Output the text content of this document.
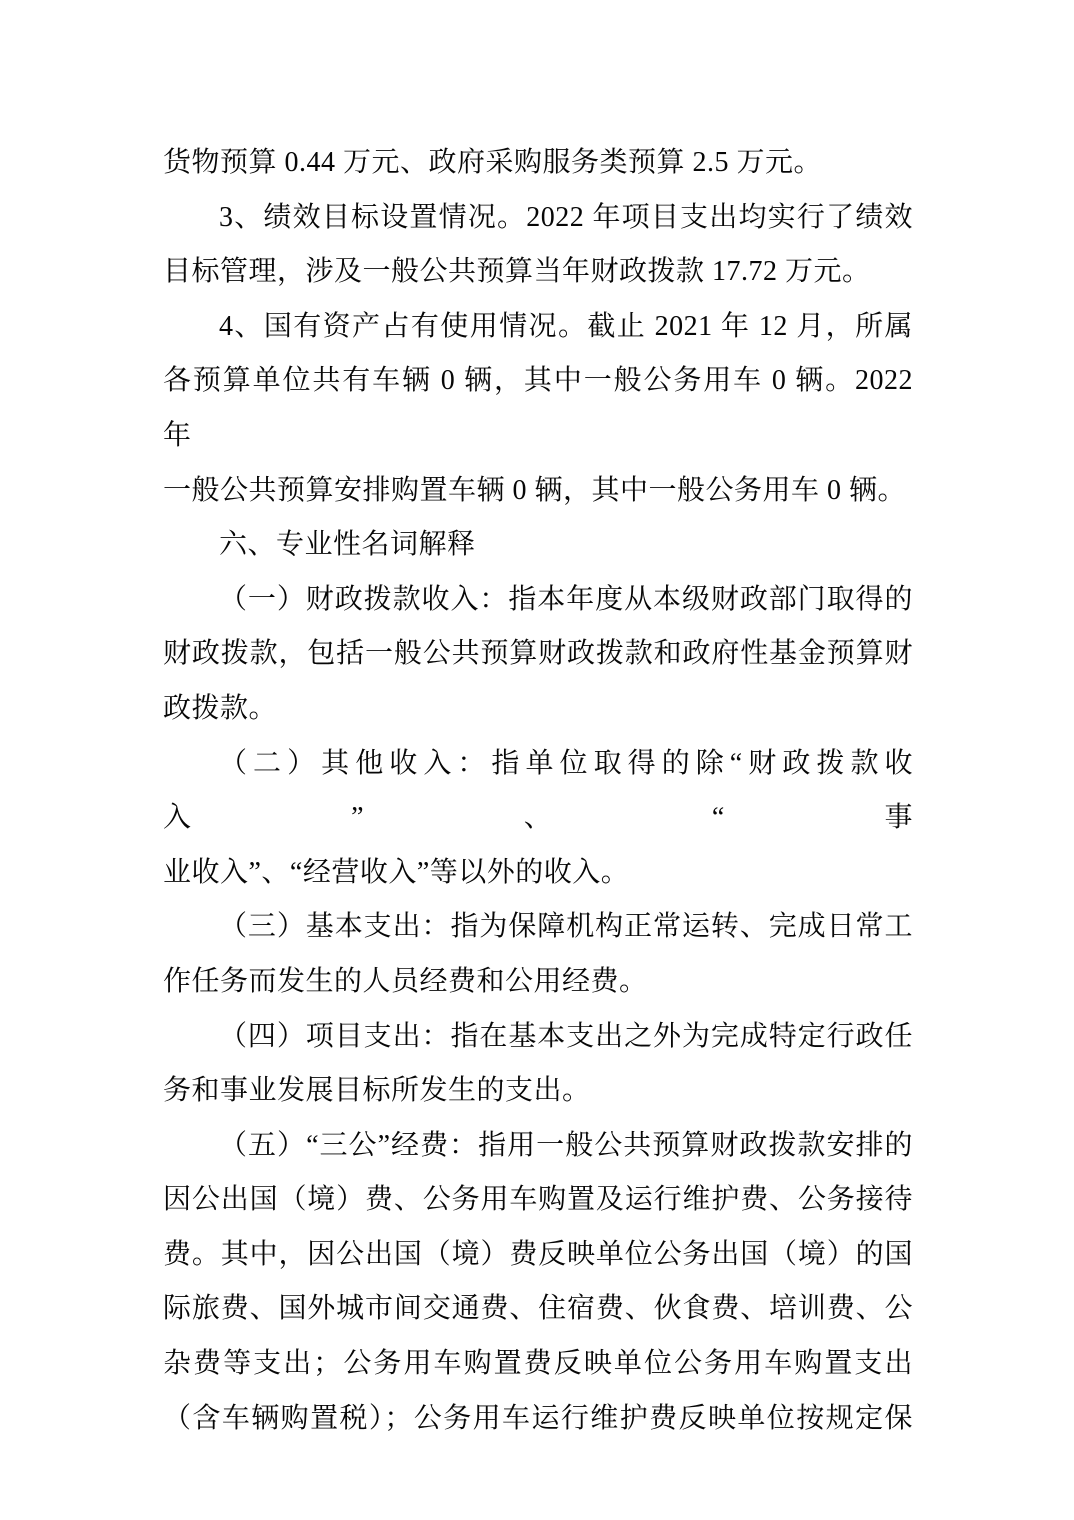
货物预算 0.44 万元、政府采购服务类预算 2.5 万元。
3、绩效目标设置情况。2022 年项目支出均实行了绩效
目标管理，涉及一般公共预算当年财政拨款 17.72 万元。
4、国有资产占有使用情况。截止 2021 年 12 月，所属
各预算单位共有车辆 0 辆，其中一般公务用车 0 辆。2022 年
一般公共预算安排购置车辆 0 辆，其中一般公务用车 0 辆。
六、专业性名词解释
（一）财政拨款收入：指本年度从本级财政部门取得的
财政拨款，包括一般公共预算财政拨款和政府性基金预算财
政拨款。
（二）其他收入：指单位取得的除“财政拨款收入”、“事
业收入”、“经营收入”等以外的收入。
（三）基本支出：指为保障机构正常运转、完成日常工
作任务而发生的人员经费和公用经费。
（四）项目支出：指在基本支出之外为完成特定行政任
务和事业发展目标所发生的支出。
（五）“三公”经费：指用一般公共预算财政拨款安排的
因公出国（境）费、公务用车购置及运行维护费、公务接待
费。其中，因公出国（境）费反映单位公务出国（境）的国
际旅费、国外城市间交通费、住宿费、伙食费、培训费、公
杂费等支出；公务用车购置费反映单位公务用车购置支出
（含车辆购置税）；公务用车运行维护费反映单位按规定保
